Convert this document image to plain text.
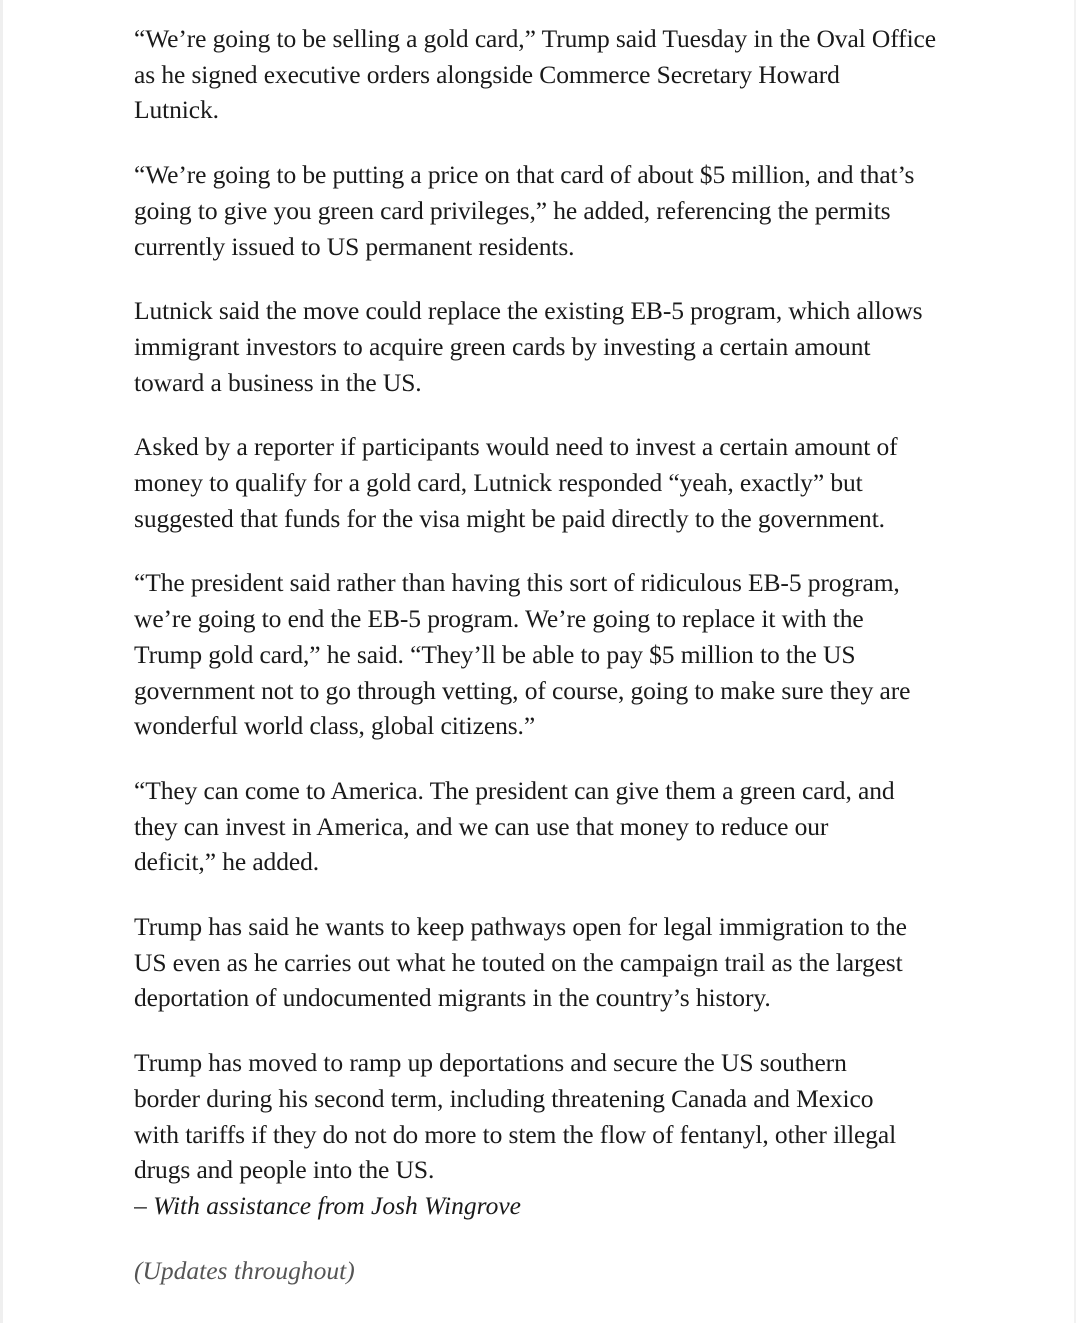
“We’re going to be selling a gold card,” Trump said Tuesday in the Oval Office
as he signed executive orders alongside Commerce Secretary Howard
Lutnick.

“We’re going to be putting a price on that card of about $5 million, and that’s
going to give you green card privileges,” he added, referencing the permits
currently issued to US permanent residents.

Lutnick said the move could replace the existing EB-5 program, which allows
immigrant investors to acquire green cards by investing a certain amount
toward a business in the US.

Asked by a reporter if participants would need to invest a certain amount of
money to qualify for a gold card, Lutnick responded “yeah, exactly” but
suggested that funds for the visa might be paid directly to the government.

“The president said rather than having this sort of ridiculous EB-5 program,
we’re going to end the EB-5 program. We’re going to replace it with the
Trump gold card,” he said. “They’ll be able to pay $5 million to the US
government not to go through vetting, of course, going to make sure they are
wonderful world class, global citizens.”

“They can come to America. The president can give them a green card, and
they can invest in America, and we can use that money to reduce our
deficit,” he added.

Trump has said he wants to keep pathways open for legal immigration to the
US even as he carries out what he touted on the campaign trail as the largest
deportation of undocumented migrants in the country’s history.

Trump has moved to ramp up deportations and secure the US southern
border during his second term, including threatening Canada and Mexico
with tariffs if they do not do more to stem the flow of fentanyl, other illegal
drugs and people into the US.

– With assistance from Josh Wingrove
(Updates throughout)
